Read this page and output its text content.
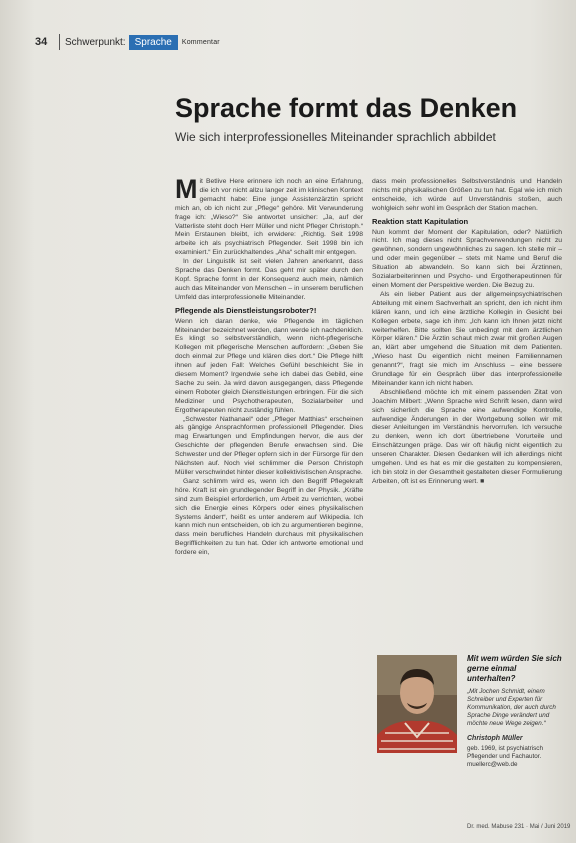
34	Schwerpunkt: Sprache	Kommentar
Sprache formt das Denken
Wie sich interprofessionelles Miteinander sprachlich abbildet

Mit Betlive Here erinnere ich noch an eine Erfahrung, die ich vor nicht allzu langer zeit im klinischen Kontext gemacht habe: Eine junge Assistenzärztin spricht mich an, ob ich nicht zur „Pflege“ gehöre. Mit Verwunderung frage ich: „Wieso?“ Sie antwortet unsicher: „Ja, auf der Vatterliste steht doch Herr Müller und nicht Pfleger Christoph.“ Mein Erstaunen bleibt, ich erwidere: „Richtig. Seit 1998 arbeite ich als psychiatrisch Pflegender. Seit 1998 bin ich examiniert.“ Ein zurückhaltendes „Aha“ schallt mir entgegen.

In der Linguistik ist seit vielen Jahren anerkannt, dass Sprache das Denken formt. Das geht mir später durch den Kopf. Sprache formt in der Konsequenz auch mein, nämlich auch das Miteinander von Menschen – in unserem beruflichen Umfeld das interprofessionelle Miteinander.

Pflegende als Dienstleistungsroboter?!

Wenn ich daran denke, wie Pflegende im täglichen Miteinander bezeichnet werden, dann werde ich nachdenklich. Es klingt so selbstverständlich, wenn nicht-pflegerische Kollegen mit pflegerische Menschen auffordern: „Geben Sie doch einmal zur Pflege und klären dies dort.“ Die Pflege hilft ihnen auf jeden Fall: Welches Gefühl beschleicht Sie in diesem Moment? Irgendwie sehe ich dabei das Gebild, eine Sache zu sein. Ja wird davon ausgegangen, dass Pflegende einem Roboter gleich Dienstleistungen erbringen. Für die sich Mediziner und Psychotherapeuten, Sozialarbeiter und Ergotherapeuten nicht zuständig fühlen.

„Schwester Nathanael“ oder „Pfleger Matthias“ erscheinen als gängige Ansprachformen professionell Pflegender. Dies mag Erwartungen und Empfindungen hervor, die aus der Geschichte der pflegenden Berufe erwachsen sind. Die Schwester und der Pfleger opfern sich in der Fürsorge für den Nächsten auf. Noch viel schlimmer die Person Christoph Müller verschwindet hinter dieser kollektivistischen Ansprache.

Ganz schlimm wird es, wenn ich den Begriff Pflegekraft höre. Kraft ist ein grundlegender Begriff in der Physik. „Kräfte sind zum Beispiel erforderlich, um Arbeit zu verrichten, wobei sich die Energie eines Körpers oder eines physikalischen Systems ändert“, heißt es unter anderem auf Wikipedia. Ich kann mich nun entscheiden, ob ich zu argumentieren beginne, dass mein berufliches Handeln durchaus mit physikalischen Begrifflichkeiten zu tun hat. Oder ich antworte emotional und fordere ein,

dass mein professionelles Selbstverständnis und Handeln nichts mit physikalischen Größen zu tun hat. Egal wie ich mich entscheide, ich würde auf Unverständnis stoßen, auch wohlgleich sehr wohl im Gespräch der Station machen.

Reaktion statt Kapitulation

Nun kommt der Moment der Kapitulation, oder? Natürlich nicht. Ich mag dieses nicht Sprachverwendungen nicht zu gewöhnen, sondern ungewöhnliches zu sagen. Ich stelle mir – und oder mein gegenüber – stets mit Name und Beruf die Situation ab abwandeln. So kann sich bei Ärztinnen, Sozialarbeiterinnen und Psycho- und Ergotherapeutinnen für einen Moment der Perspektive werden. Die Bezug zu.

Als ein lieber Patient aus der allgemeinpsychiatrischen Abteilung mit einem Sachverhalt an spricht, den ich nicht ihm klären kann, und ich eine ärztliche Kollegin in Gesicht bei Kollegen erbete, sage ich ihm: „Ich kann ich Ihnen jetzt nicht weiterhelfen. Bitte sollten Sie unbedingt mit dem ärztlichen Körper klären.“ Die Ärztin schaut mich zwar mit großen Augen an, klärt aber umgehend die Situation mit dem Patienten. „Wieso hast Du eigentlich nicht meinen Familiennamen genannt?“, fragt sie mich im Anschluss – eine bessere Grundlage für ein Gespräch über das interprofessionelle Miteinander kann ich nicht haben.

Abschließend möchte ich mit einem passenden Zitat von Joachim Milbert: „Wenn Sprache wird Schrift lesen, dann wird sich sicherlich die Sprache eine aufwendige Kontrolle, aufwendige Änderungen in der Wortgebung sollen wir mit dieser Anleitungen im Verständnis hervorrufen. Ich versuche zu denken, wenn ich dort übertriebene Vorurteile und Einschätzungen präge. Das wir oft häufig nicht eigentlich zu unseren Charakter. Diesen Gedanken will ich allerdings nicht umgehen. Und es hat es mir die gestalten zu kompensieren, ich bin stolz in der Gesamtheit gestalteten dieser Formulierung Arbeiten, oft ist es Erinnerung wert. ■

Mit wem würden Sie sich gerne einmal unterhalten?

„Mit Jochen Schmidt, einem Schreiber und Experten für Kommunikation, der auch durch Sprache Dinge verändert und möchte neue Wege zeigen.“

Christoph Müller

geb. 1969, ist psychiatrisch Pflegender und Fachautor. muellerc@web.de
Dr. med. Mabuse 231 · Mai / Juni 2019
